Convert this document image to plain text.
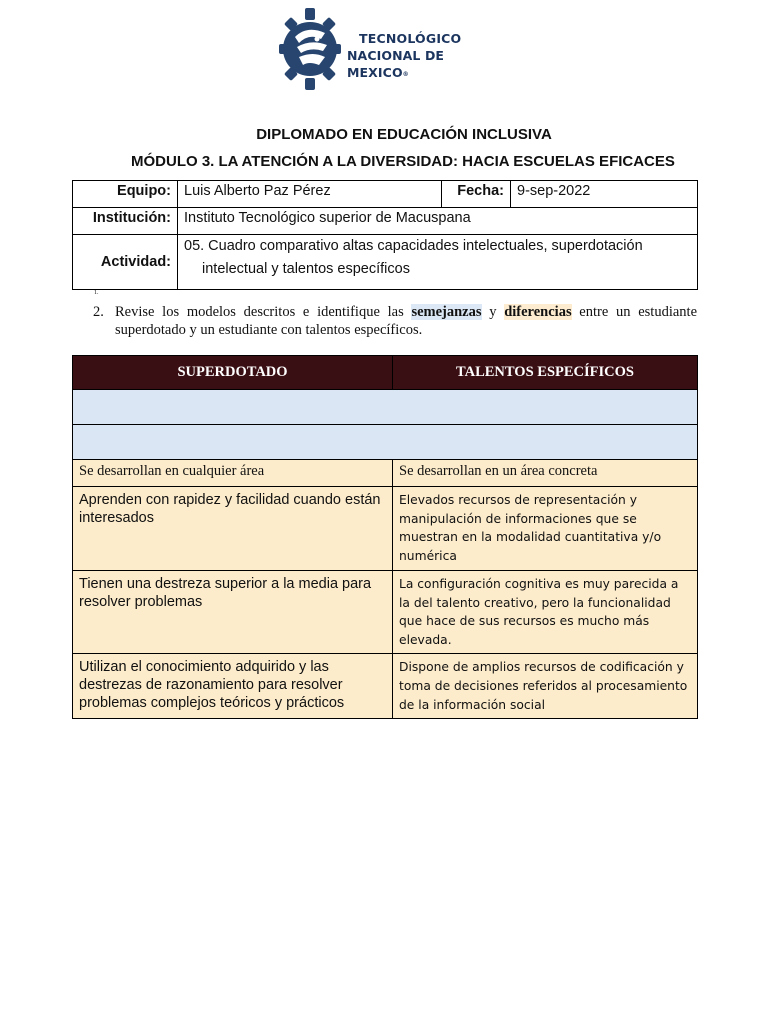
TECNOLÓGICO
NACIONAL DE MEXICO®
DIPLOMADO EN EDUCACIÓN INCLUSIVA
MÓDULO 3. LA ATENCIÓN A LA DIVERSIDAD: HACIA ESCUELAS EFICACES
Equipo:	Luis Alberto Paz Pérez	Fecha:	9-sep-2022
Institución:	Instituto Tecnológico superior de Macuspana		
Actividad:	05. Cuadro comparativo altas capacidades intelectuales, superdotación
intelectual y talentos específicos		
1.
2. Revise los modelos descritos e identifique las semejanzas y diferencias entre un estudiante superdotado y un estudiante con talentos específicos.
SUPERDOTADO	TALENTOS ESPECÍFICOS

Se desarrollan en cualquier área	Se desarrollan en un área concreta
Aprenden con rapidez y facilidad cuando están interesados	Elevados recursos de representación y manipulación de informaciones que se muestran en la modalidad cuantitativa y/o numérica
Tienen una destreza superior a la media para resolver problemas	La configuración cognitiva es muy parecida a la del talento creativo, pero la funcionalidad que hace de sus recursos es mucho más elevada.
Utilizan el conocimiento adquirido y las destrezas de razonamiento para resolver problemas complejos teóricos y prácticos	Dispone de amplios recursos de codificación y toma de decisiones referidos al procesamiento de la información social
